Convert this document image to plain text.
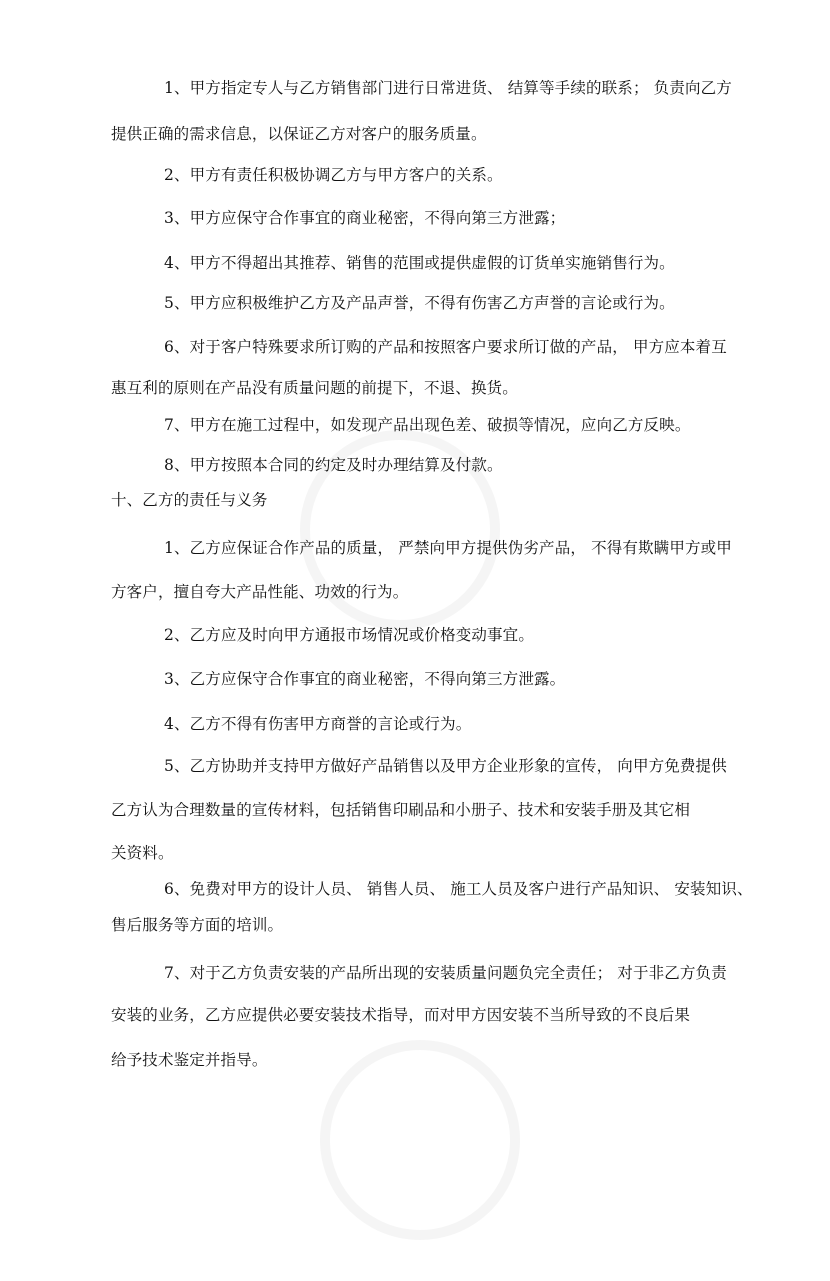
1、甲方指定专人与乙方销售部门进行日常进货、 结算等手续的联系； 负责向乙方

提供正确的需求信息，以保证乙方对客户的服务质量。

2、甲方有责任积极协调乙方与甲方客户的关系。

3、甲方应保守合作事宜的商业秘密，不得向第三方泄露；

4、甲方不得超出其推荐、销售的范围或提供虚假的订货单实施销售行为。

5、甲方应积极维护乙方及产品声誉，不得有伤害乙方声誉的言论或行为。

6、对于客户特殊要求所订购的产品和按照客户要求所订做的产品， 甲方应本着互

惠互利的原则在产品没有质量问题的前提下，不退、换货。

7、甲方在施工过程中，如发现产品出现色差、破损等情况，应向乙方反映。

8、甲方按照本合同的约定及时办理结算及付款。

十、乙方的责任与义务

1、乙方应保证合作产品的质量， 严禁向甲方提供伪劣产品， 不得有欺瞒甲方或甲

方客户，擅自夸大产品性能、功效的行为。

2、乙方应及时向甲方通报市场情况或价格变动事宜。

3、乙方应保守合作事宜的商业秘密，不得向第三方泄露。

4、乙方不得有伤害甲方商誉的言论或行为。

5、乙方协助并支持甲方做好产品销售以及甲方企业形象的宣传， 向甲方免费提供

乙方认为合理数量的宣传材料，包括销售印刷品和小册子、技术和安装手册及其它相

关资料。

6、免费对甲方的设计人员、 销售人员、 施工人员及客户进行产品知识、 安装知识、

售后服务等方面的培训。

7、对于乙方负责安装的产品所出现的安装质量问题负完全责任； 对于非乙方负责

安装的业务，乙方应提供必要安装技术指导，而对甲方因安装不当所导致的不良后果

给予技术鉴定并指导。
